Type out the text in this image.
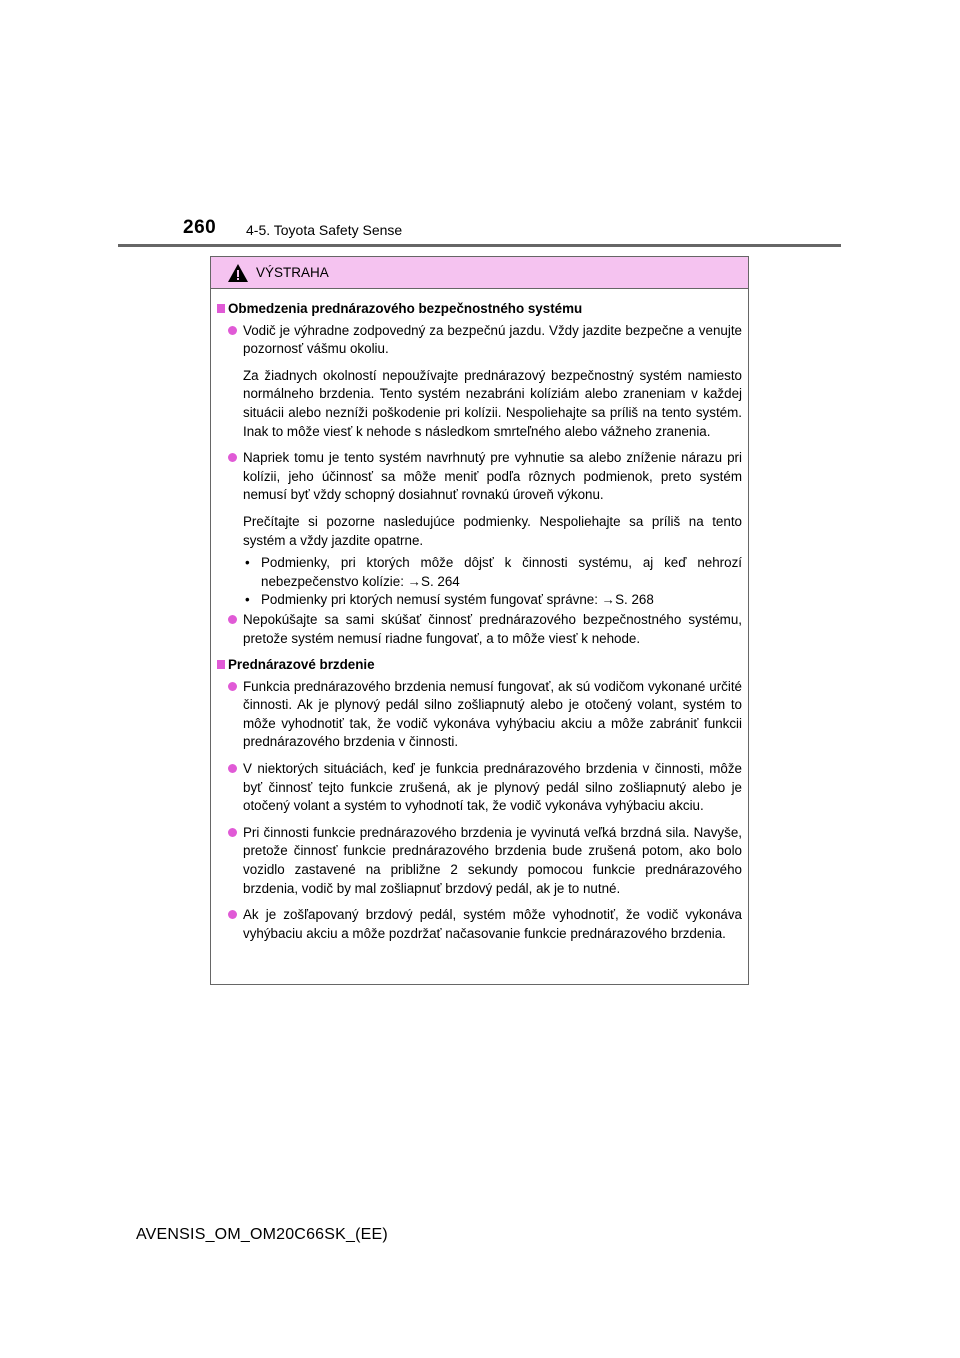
260 4-5. Toyota Safety Sense
VÝSTRAHA
Obmedzenia prednárazového bezpečnostného systému
Vodič je výhradne zodpovedný za bezpečnú jazdu. Vždy jazdite bezpečne a venujte pozornosť vášmu okoliu.
Za žiadnych okolností nepoužívajte prednárazový bezpečnostný systém namiesto normálneho brzdenia. Tento systém nezabráni kolíziám alebo zraneniam v každej situácii alebo nezníži poškodenie pri kolízii. Nespoliehajte sa príliš na tento systém. Inak to môže viesť k nehode s následkom smrteľného alebo vážneho zranenia.
Napriek tomu je tento systém navrhnutý pre vyhnutie sa alebo zníženie nárazu pri kolízii, jeho účinnosť sa môže meniť podľa rôznych podmienok, preto systém nemusí byť vždy schopný dosiahnuť rovnakú úroveň výkonu.
Prečítajte si pozorne nasledujúce podmienky. Nespoliehajte sa príliš na tento systém a vždy jazdite opatrne.
• Podmienky, pri ktorých môže dôjsť k činnosti systému, aj keď nehrozí nebezpečenstvo kolízie: →S. 264
• Podmienky pri ktorých nemusí systém fungovať správne: →S. 268
Nepokúšajte sa sami skúšať činnosť prednárazového bezpečnostného systému, pretože systém nemusí riadne fungovať, a to môže viesť k nehode.
Prednárazové brzdenie
Funkcia prednárazového brzdenia nemusí fungovať, ak sú vodičom vykonané určité činnosti. Ak je plynový pedál silno zošliapnutý alebo je otočený volant, systém to môže vyhodnotiť tak, že vodič vykonáva vyhýbaciu akciu a môže zabrániť funkcii prednárazového brzdenia v činnosti.
V niektorých situáciách, keď je funkcia prednárazového brzdenia v činnosti, môže byť činnosť tejto funkcie zrušená, ak je plynový pedál silno zošliapnutý alebo je otočený volant a systém to vyhodnotí tak, že vodič vykonáva vyhýbaciu akciu.
Pri činnosti funkcie prednárazového brzdenia je vyvinutá veľká brzdná sila. Navyše, pretože činnosť funkcie prednárazového brzdenia bude zrušená potom, ako bolo vozidlo zastavené na približne 2 sekundy pomocou funkcie prednárazového brzdenia, vodič by mal zošliapnuť brzdový pedál, ak je to nutné.
Ak je zošľapovaný brzdový pedál, systém môže vyhodnotiť, že vodič vykonáva vyhýbaciu akciu a môže pozdržať načasovanie funkcie prednárazového brzdenia.
AVENSIS_OM_OM20C66SK_(EE)
